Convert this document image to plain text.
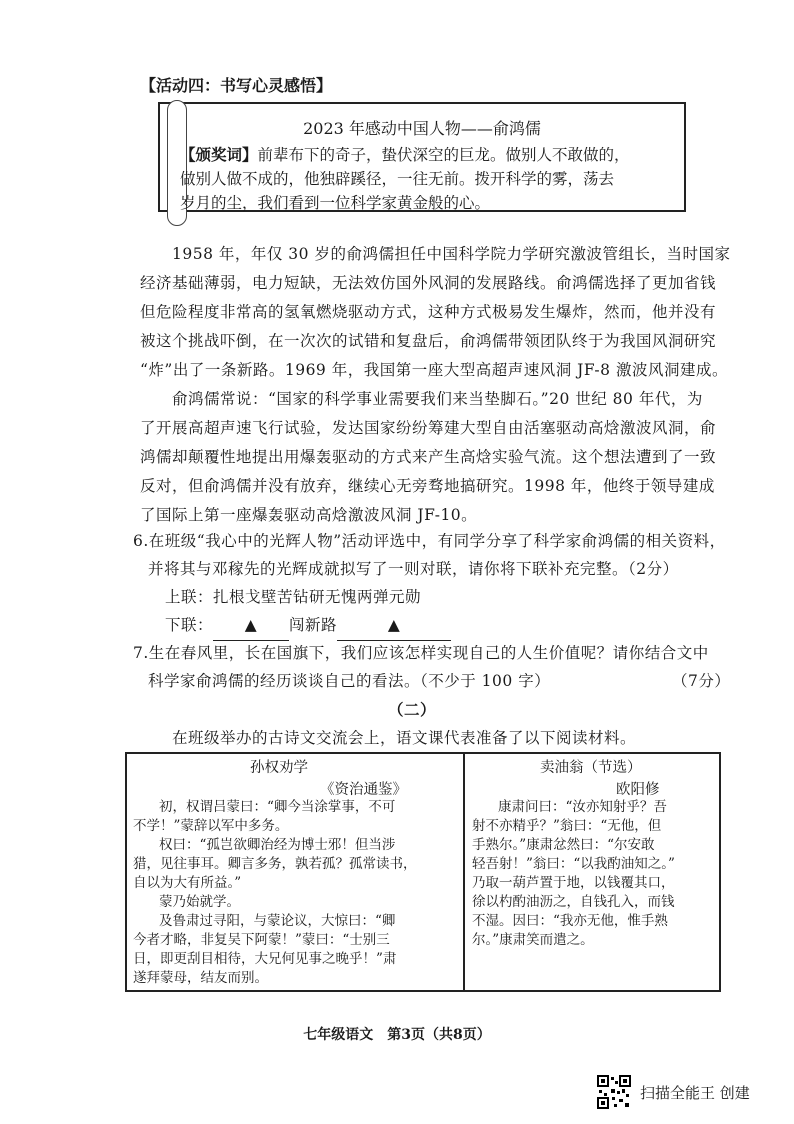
【活动四：书写心灵感悟】
2023 年感动中国人物——俞鸿儒
【颁奖词】前辈布下的奇子，蛰伏深空的巨龙。做别人不敢做的，
做别人做不成的，他独辟蹊径，一往无前。拨开科学的雾，荡去
岁月的尘，我们看到一位科学家黄金般的心。
1958 年，年仅 30 岁的俞鸿儒担任中国科学院力学研究激波管组长，当时国家
经济基础薄弱，电力短缺，无法效仿国外风洞的发展路线。俞鸿儒选择了更加省钱
但危险程度非常高的氢氧燃烧驱动方式，这种方式极易发生爆炸，然而，他并没有
被这个挑战吓倒，在一次次的试错和复盘后，俞鸿儒带领团队终于为我国风洞研究
“炸”出了一条新路。1969 年，我国第一座大型高超声速风洞 JF-8 激波风洞建成。
俞鸿儒常说：“国家的科学事业需要我们来当垫脚石。”20 世纪 80 年代，为
了开展高超声速飞行试验，发达国家纷纷筹建大型自由活塞驱动高焓激波风洞，俞
鸿儒却颠覆性地提出用爆轰驱动的方式来产生高焓实验气流。这个想法遭到了一致
反对，但俞鸿儒并没有放弃，继续心无旁骛地搞研究。1998 年，他终于领导建成
了国际上第一座爆轰驱动高焓激波风洞 JF-10。
6.在班级“我心中的光辉人物”活动评选中，有同学分享了科学家俞鸿儒的相关资料，
并将其与邓稼先的光辉成就拟写了一则对联，请你将下联补充完整。（2分）
上联：扎根戈壁苦钻研无愧两弹元勋
下联： ▲ 闯新路	▲
7.生在春风里，长在国旗下，我们应该怎样实现自己的人生价值呢？请你结合文中
科学家俞鸿儒的经历谈谈自己的看法。（不少于 100 字）	（7分）
（二）
在班级举办的古诗文交流会上，语文课代表准备了以下阅读材料。
孙权劝学
《资治通鉴》
初，权谓吕蒙曰：“卿今当涂掌事，不可
不学！”蒙辞以军中多务。
权曰：“孤岂欲卿治经为博士邪！但当涉
猎，见往事耳。卿言多务，孰若孤？孤常读书，
自以为大有所益。”
蒙乃始就学。
及鲁肃过寻阳，与蒙论议，大惊曰：“卿
今者才略，非复吴下阿蒙！”蒙曰：“士别三
日，即更刮目相待，大兄何见事之晚乎！”肃
遂拜蒙母，结友而别。
卖油翁（节选）
欧阳修
康肃问曰：“汝亦知射乎？吾
射不亦精乎？”翁曰：“无他，但
手熟尔。”康肃忿然曰：“尔安敢
轻吾射！”翁曰：“以我酌油知之。”
乃取一葫芦置于地，以钱覆其口，
徐以杓酌油沥之，自钱孔入，而钱
不湿。因曰：“我亦无他，惟手熟
尔。”康肃笑而遣之。
七年级语文　第3页（共8页）
扫描全能王 创建
